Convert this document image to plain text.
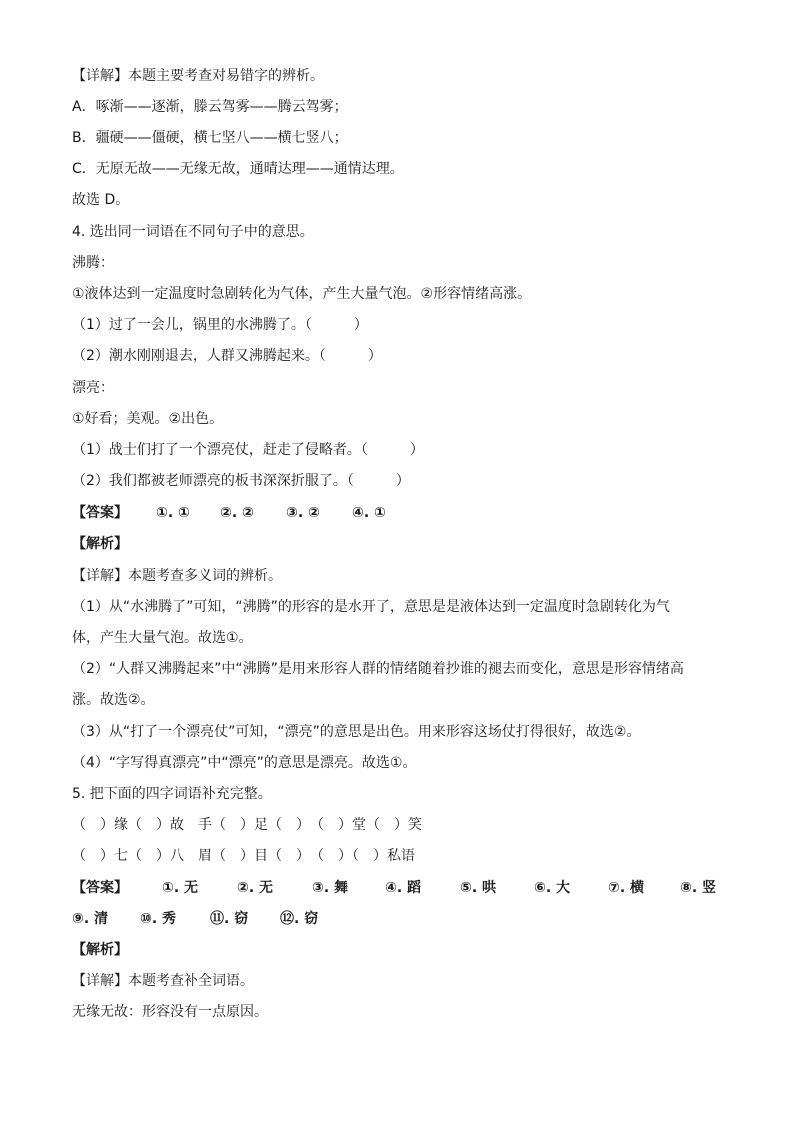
【详解】本题主要考查对易错字的辨析。
A．啄渐——逐渐，滕云驾雾——腾云驾雾；
B．疆硬——僵硬，横七坚八——横七竖八；
C．无原无故——无缘无故，通晴达理——通情达理。
故选 D。
4. 选出同一词语在不同句子中的意思。
沸腾：
①液体达到一定温度时急剧转化为气体，产生大量气泡。②形容情绪高涨。
（1）过了一会儿，锅里的水沸腾了。（　　　）
（2）潮水刚刚退去，人群又沸腾起来。（　　　）
漂亮：
①好看；美观。②出色。
（1）战士们打了一个漂亮仗，赶走了侵略者。（　　　）
（2）我们都被老师漂亮的板书深深折服了。（　　　）
【答案】 ①. ① ②. ② ③. ② ④. ①
【解析】
【详解】本题考查多义词的辨析。
（1）从“水沸腾了”可知，“沸腾”的形容的是水开了，意思是是液体达到一定温度时急剧转化为气
体，产生大量气泡。故选①。
（2）“人群又沸腾起来”中“沸腾”是用来形容人群的情绪随着抄谁的褪去而变化，意思是形容情绪高
涨。故选②。
（3）从“打了一个漂亮仗”可知，“漂亮”的意思是出色。用来形容这场仗打得很好，故选②。
（4）“字写得真漂亮”中“漂亮”的意思是漂亮。故选①。
5. 把下面的四字词语补充完整。
（　）缘（　）故　手（　）足（　）　（　）堂（　）笑
（　）七（　）八　眉（　）目（　）　（　）（　）私语
【答案】 ①. 无	②. 无	③. 舞	④. 蹈	⑤. 哄	⑥. 大	⑦. 横	⑧. 竖
⑨. 清 ⑩. 秀 ⑪. 窃 ⑫. 窃
【解析】
【详解】本题考查补全词语。
无缘无故：形容没有一点原因。
